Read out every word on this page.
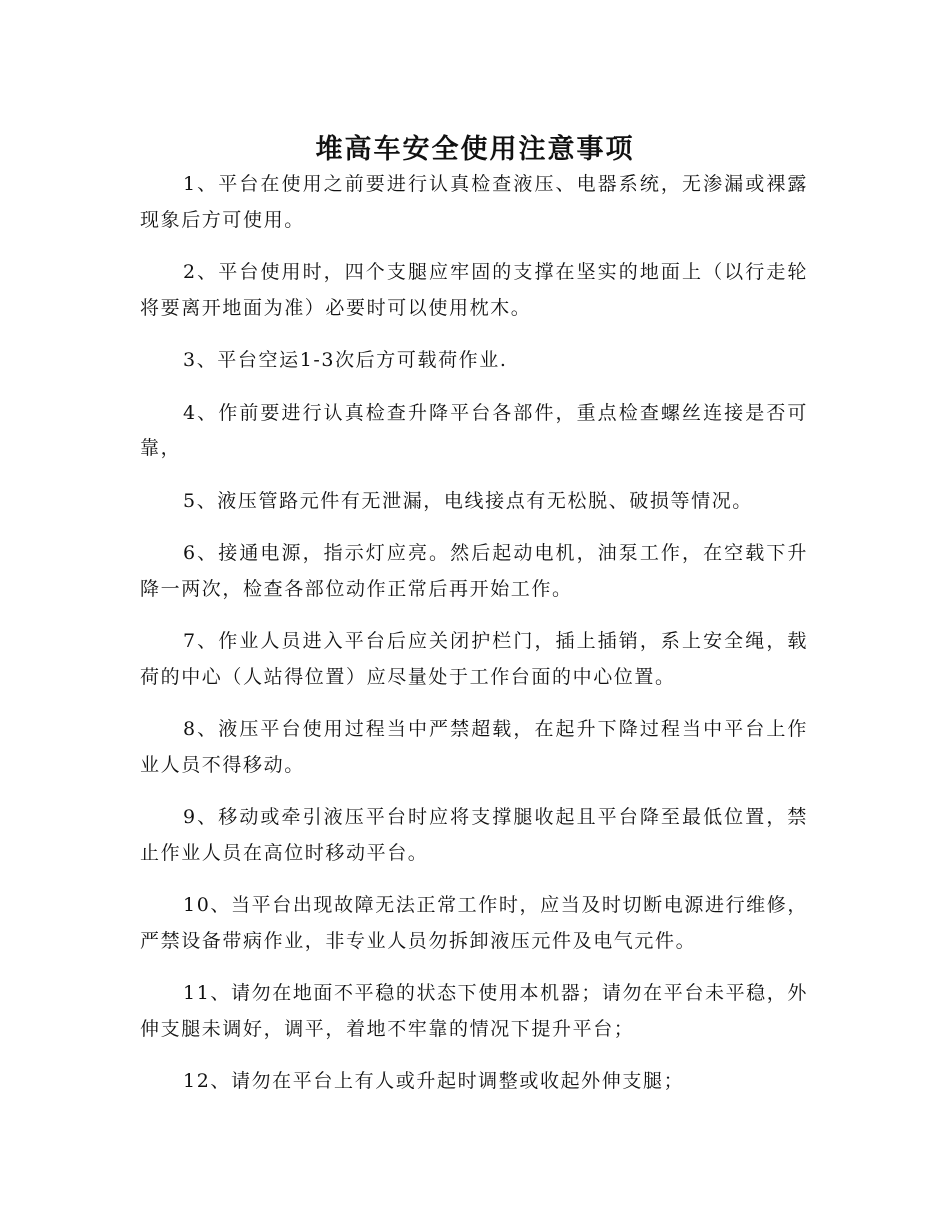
堆高车安全使用注意事项

1、平台在使用之前要进行认真检查液压、电器系统，无渗漏或裸露现象后方可使用。

2、平台使用时，四个支腿应牢固的支撑在坚实的地面上（以行走轮将要离开地面为准）必要时可以使用枕木。

3、平台空运1-3次后方可载荷作业.

4、作前要进行认真检查升降平台各部件，重点检查螺丝连接是否可靠，

5、液压管路元件有无泄漏，电线接点有无松脱、破损等情况。

6、接通电源，指示灯应亮。然后起动电机，油泵工作，在空载下升降一两次，检查各部位动作正常后再开始工作。

7、作业人员进入平台后应关闭护栏门，插上插销，系上安全绳，载荷的中心（人站得位置）应尽量处于工作台面的中心位置。

8、液压平台使用过程当中严禁超载，在起升下降过程当中平台上作业人员不得移动。

9、移动或牵引液压平台时应将支撑腿收起且平台降至最低位置，禁止作业人员在高位时移动平台。

10、当平台出现故障无法正常工作时，应当及时切断电源进行维修，严禁设备带病作业，非专业人员勿拆卸液压元件及电气元件。

11、请勿在地面不平稳的状态下使用本机器；请勿在平台未平稳，外伸支腿未调好，调平，着地不牢靠的情况下提升平台；

12、请勿在平台上有人或升起时调整或收起外伸支腿；
